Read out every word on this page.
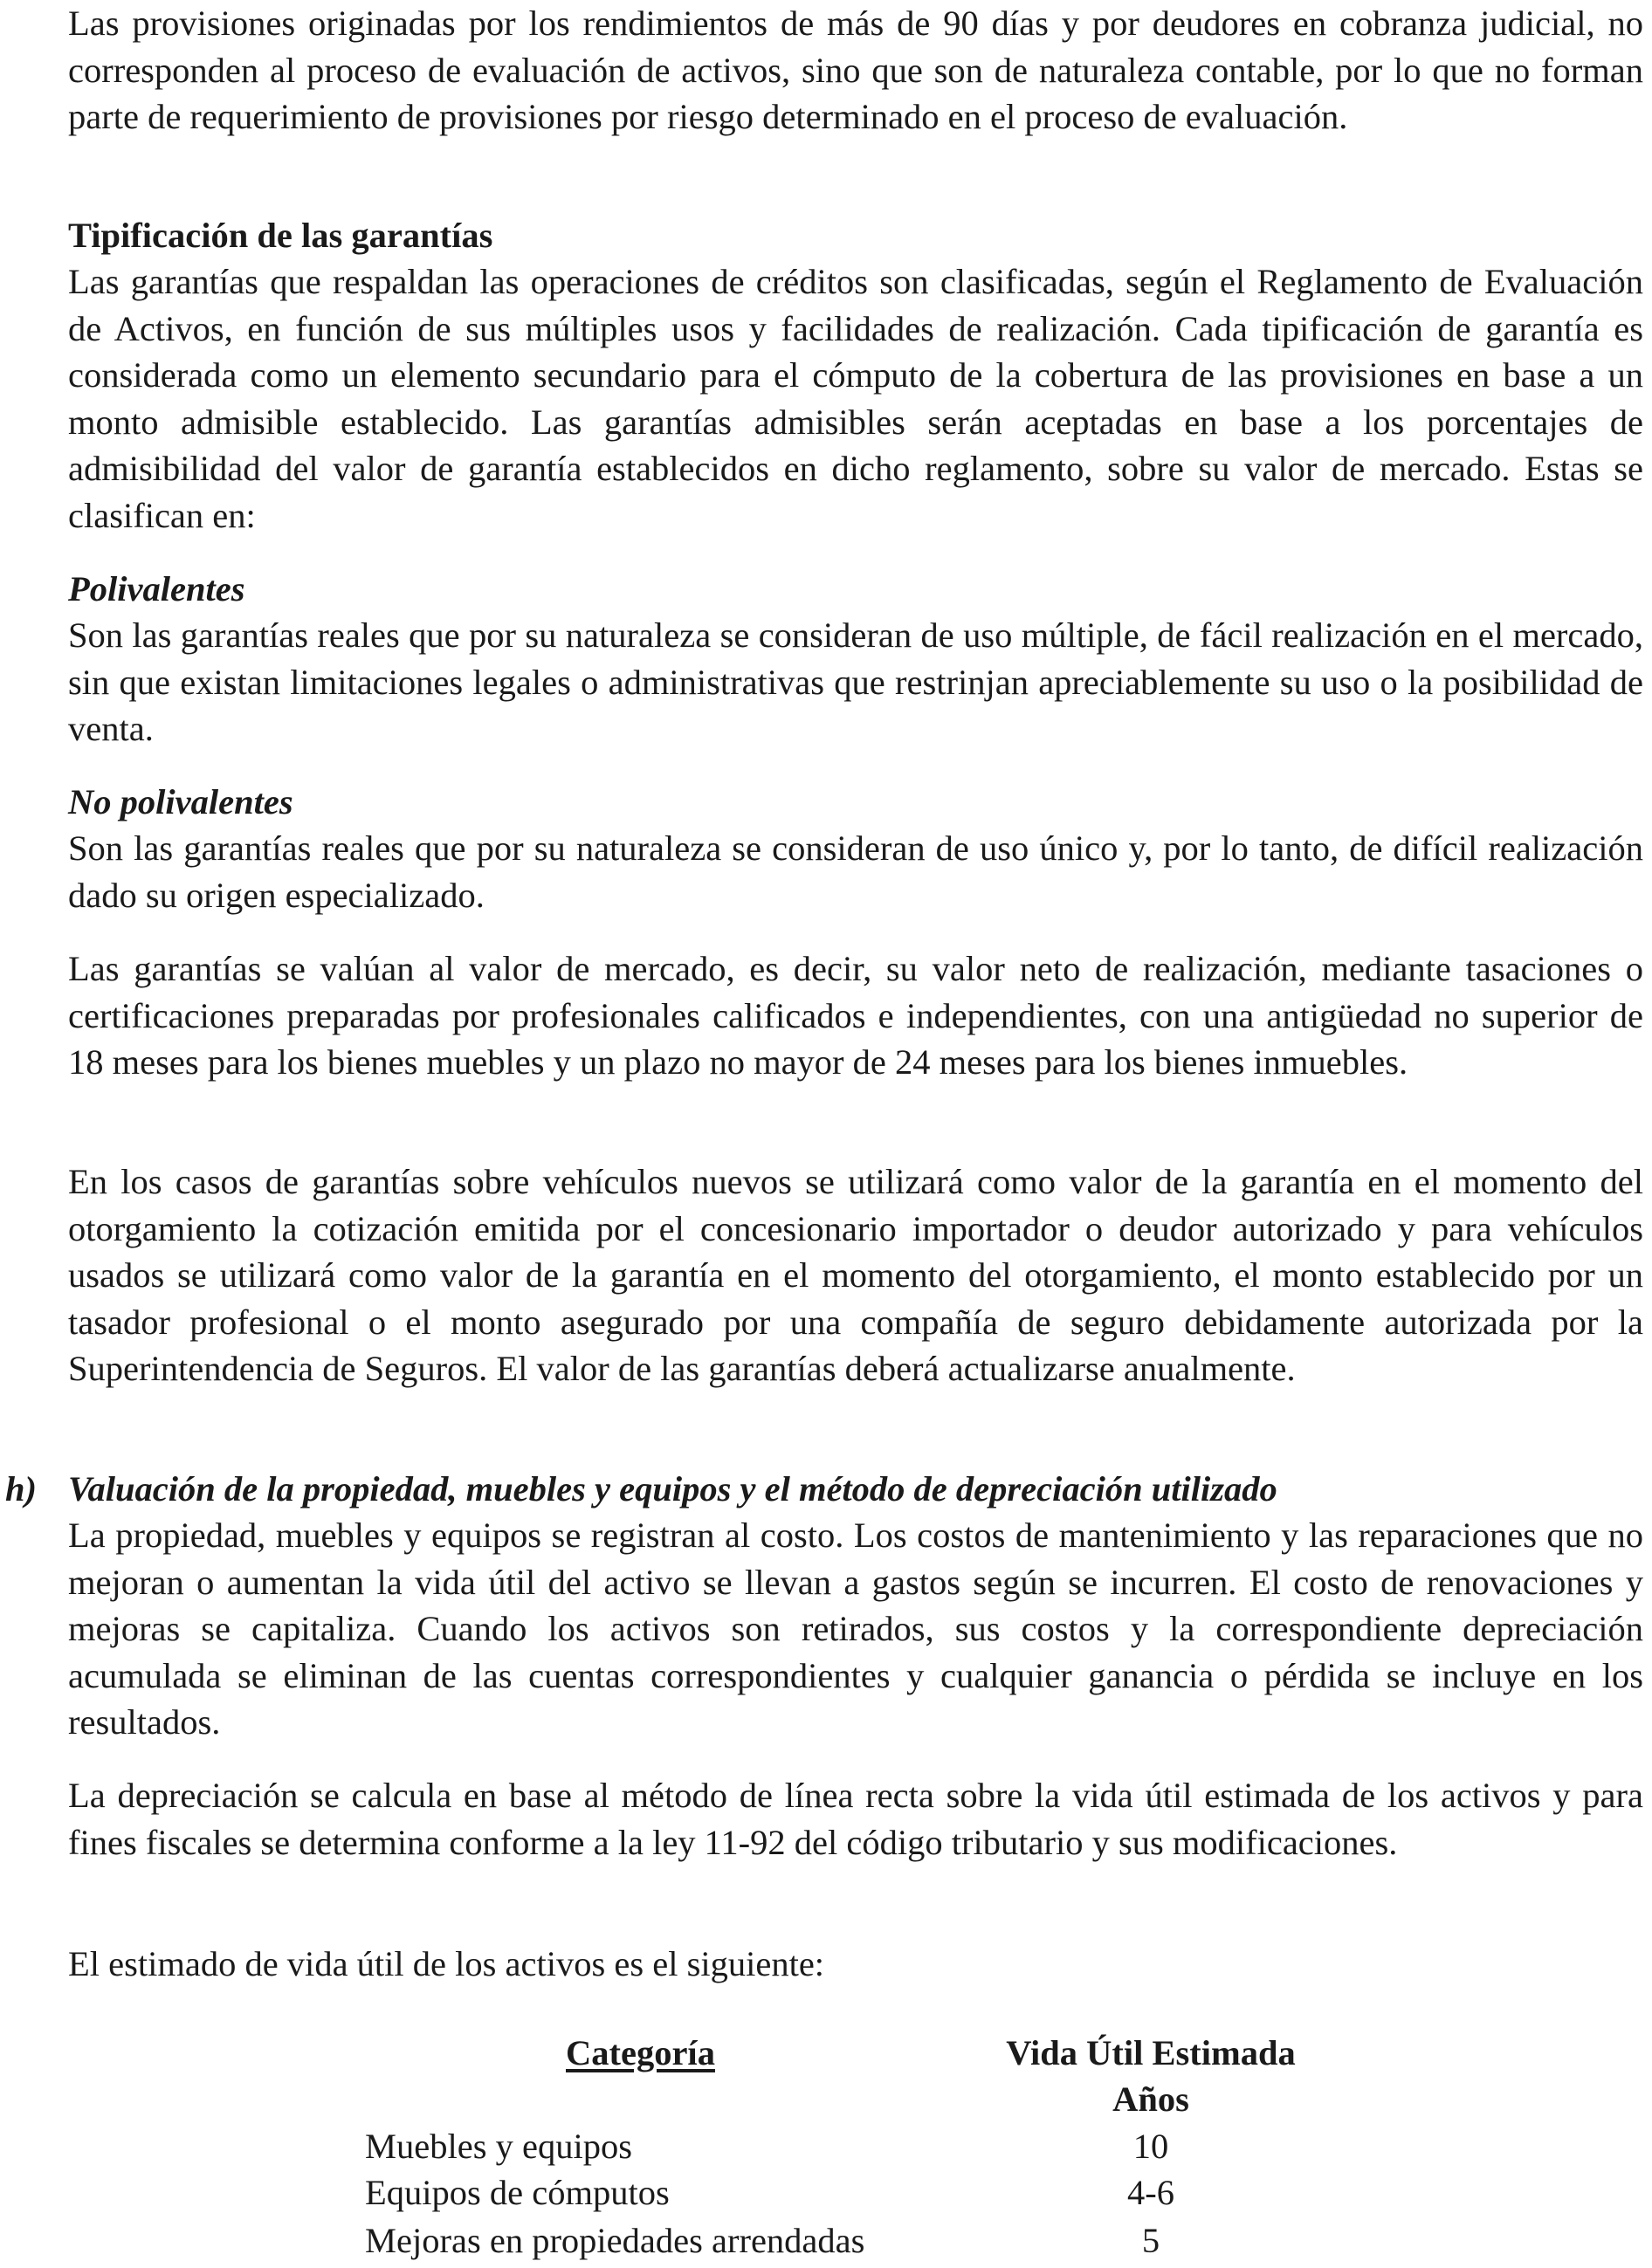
Las provisiones originadas por los rendimientos de más de 90 días y por deudores en cobranza judicial, no corresponden al proceso de evaluación de activos, sino que son de naturaleza contable, por lo que no forman parte de requerimiento de provisiones por riesgo determinado en el proceso de evaluación.

Tipificación de las garantías

Las garantías que respaldan las operaciones de créditos son clasificadas, según el Reglamento de Evaluación de Activos, en función de sus múltiples usos y facilidades de realización. Cada tipificación de garantía es considerada como un elemento secundario para el cómputo de la cobertura de las provisiones en base a un monto admisible establecido. Las garantías admisibles serán aceptadas en base a los porcentajes de admisibilidad del valor de garantía establecidos en dicho reglamento, sobre su valor de mercado. Estas se clasifican en:

Polivalentes

Son las garantías reales que por su naturaleza se consideran de uso múltiple, de fácil realización en el mercado, sin que existan limitaciones legales o administrativas que restrinjan apreciablemente su uso o la posibilidad de venta.

No polivalentes

Son las garantías reales que por su naturaleza se consideran de uso único y, por lo tanto, de difícil realización dado su origen especializado.

Las garantías se valúan al valor de mercado, es decir, su valor neto de realización, mediante tasaciones o certificaciones preparadas por profesionales calificados e independientes, con una antigüedad no superior de 18 meses para los bienes muebles y un plazo no mayor de 24 meses para los bienes inmuebles.

En los casos de garantías sobre vehículos nuevos se utilizará como valor de la garantía en el momento del otorgamiento la cotización emitida por el concesionario importador o deudor autorizado y para vehículos usados se utilizará como valor de la garantía en el momento del otorgamiento, el monto establecido por un tasador profesional o el monto asegurado por una compañía de seguro debidamente autorizada por la Superintendencia de Seguros. El valor de las garantías deberá actualizarse anualmente.

h) Valuación de la propiedad, muebles y equipos y el método de depreciación utilizado

La propiedad, muebles y equipos se registran al costo. Los costos de mantenimiento y las reparaciones que no mejoran o aumentan la vida útil del activo se llevan a gastos según se incurren. El costo de renovaciones y mejoras se capitaliza. Cuando los activos son retirados, sus costos y la correspondiente depreciación acumulada se eliminan de las cuentas correspondientes y cualquier ganancia o pérdida se incluye en los resultados.

La depreciación se calcula en base al método de línea recta sobre la vida útil estimada de los activos y para fines fiscales se determina conforme a la ley 11-92 del código tributario y sus modificaciones.

El estimado de vida útil de los activos es el siguiente:

Categoría	Vida Útil Estimada
Años
Muebles y equipos	10
Equipos de cómputos	4-6
Mejoras en propiedades arrendadas	5
